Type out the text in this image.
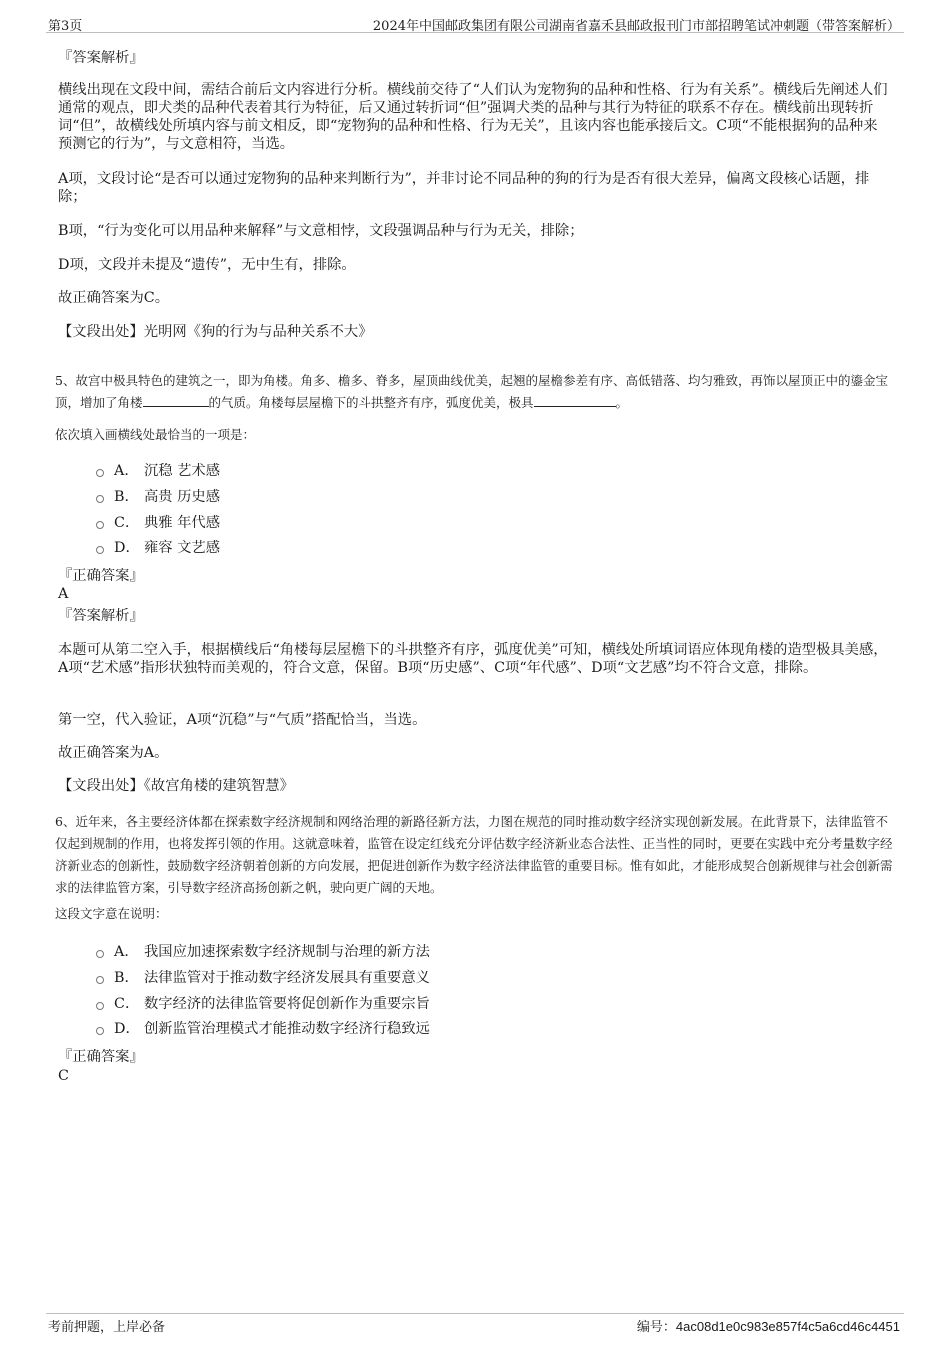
第3页	2024年中国邮政集团有限公司湖南省嘉禾县邮政报刊门市部招聘笔试冲刺题（带答案解析）

『答案解析』

横线出现在文段中间，需结合前后文内容进行分析。横线前交待了“人们认为宠物狗的品种和性格、行为有关系”。横线后先阐述人们通常的观点，即犬类的品种代表着其行为特征，后又通过转折词“但”强调犬类的品种与其行为特征的联系不存在。横线前出现转折词“但”，故横线处所填内容与前文相反，即“宠物狗的品种和性格、行为无关”，且该内容也能承接后文。C项“不能根据狗的品种来预测它的行为”，与文意相符，当选。

A项，文段讨论“是否可以通过宠物狗的品种来判断行为”，并非讨论不同品种的狗的行为是否有很大差异，偏离文段核心话题，排除；

B项，“行为变化可以用品种来解释”与文意相悖，文段强调品种与行为无关，排除；

D项，文段并未提及“遗传”，无中生有，排除。

故正确答案为C。

【文段出处】光明网《狗的行为与品种关系不大》

5、故宫中极具特色的建筑之一，即为角楼。角多、檐多、脊多，屋顶曲线优美，起翘的屋檐参差有序、高低错落、均匀雅致，再饰以屋顶正中的鎏金宝顶，增加了角楼	的气质。角楼每层屋檐下的斗拱整齐有序，弧度优美，极具	。

依次填入画横线处最恰当的一项是：

A． 沉稳 艺术感
B． 高贵 历史感
C． 典雅 年代感
D． 雍容 文艺感

『正确答案』

A

『答案解析』

本题可从第二空入手，根据横线后“角楼每层屋檐下的斗拱整齐有序，弧度优美”可知，横线处所填词语应体现角楼的造型极具美感，A项“艺术感”指形状独特而美观的，符合文意，保留。B项“历史感”、C项“年代感”、D项“文艺感”均不符合文意，排除。

第一空，代入验证，A项“沉稳”与“气质”搭配恰当，当选。

故正确答案为A。

【文段出处】《故宫角楼的建筑智慧》

6、近年来，各主要经济体都在探索数字经济规制和网络治理的新路径新方法，力图在规范的同时推动数字经济实现创新发展。在此背景下，法律监管不仅起到规制的作用，也将发挥引领的作用。这就意味着，监管在设定红线充分评估数字经济新业态合法性、正当性的同时，更要在实践中充分考量数字经济新业态的创新性，鼓励数字经济朝着创新的方向发展，把促进创新作为数字经济法律监管的重要目标。惟有如此，才能形成契合创新规律与社会创新需求的法律监管方案，引导数字经济高扬创新之帆，驶向更广阔的天地。

这段文字意在说明：

A． 我国应加速探索数字经济规制与治理的新方法
B． 法律监管对于推动数字经济发展具有重要意义
C． 数字经济的法律监管要将促创新作为重要宗旨
D． 创新监管治理模式才能推动数字经济行稳致远

『正确答案』

C

考前押题，上岸必备	编号：4ac08d1e0c983e857f4c5a6cd46c4451
